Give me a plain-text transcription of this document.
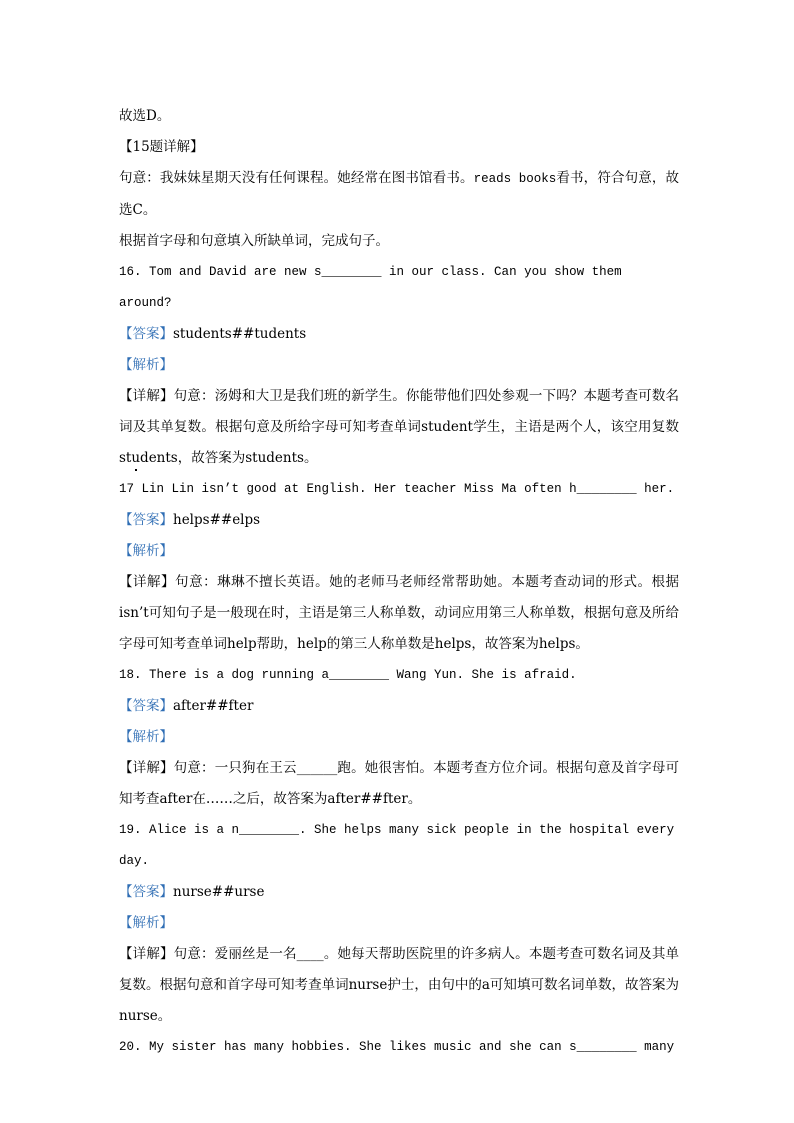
故选D。

【15题详解】

句意：我妹妹星期天没有任何课程。她经常在图书馆看书。reads books看书，符合句意，故选C。

根据首字母和句意填入所缺单词，完成句子。

16. Tom and David are new s________ in our class. Can you show them around?

【答案】students##tudents

【解析】

【详解】句意：汤姆和大卫是我们班的新学生。你能带他们四处参观一下吗？本题考查可数名词及其单复数。根据句意及所给字母可知考查单词student学生，主语是两个人，该空用复数students，故答案为students。

17 Lin Lin isn’t good at English. Her teacher Miss Ma often h________ her.

【答案】helps##elps

【解析】

【详解】句意：琳琳不擅长英语。她的老师马老师经常帮助她。本题考查动词的形式。根据isn’t可知句子是一般现在时，主语是第三人称单数，动词应用第三人称单数，根据句意及所给字母可知考查单词help帮助，help的第三人称单数是helps，故答案为helps。

18. There is a dog running a________ Wang Yun. She is afraid.

【答案】after##fter

【解析】

【详解】句意：一只狗在王云______跑。她很害怕。本题考查方位介词。根据句意及首字母可知考查after在……之后，故答案为after##fter。

19. Alice is a n________. She helps many sick people in the hospital every day.

【答案】nurse##urse

【解析】

【详解】句意：爱丽丝是一名____。她每天帮助医院里的许多病人。本题考查可数名词及其单复数。根据句意和首字母可知考查单词nurse护士，由句中的a可知填可数名词单数，故答案为nurse。

20. My sister has many hobbies. She likes music and she can s________ many
